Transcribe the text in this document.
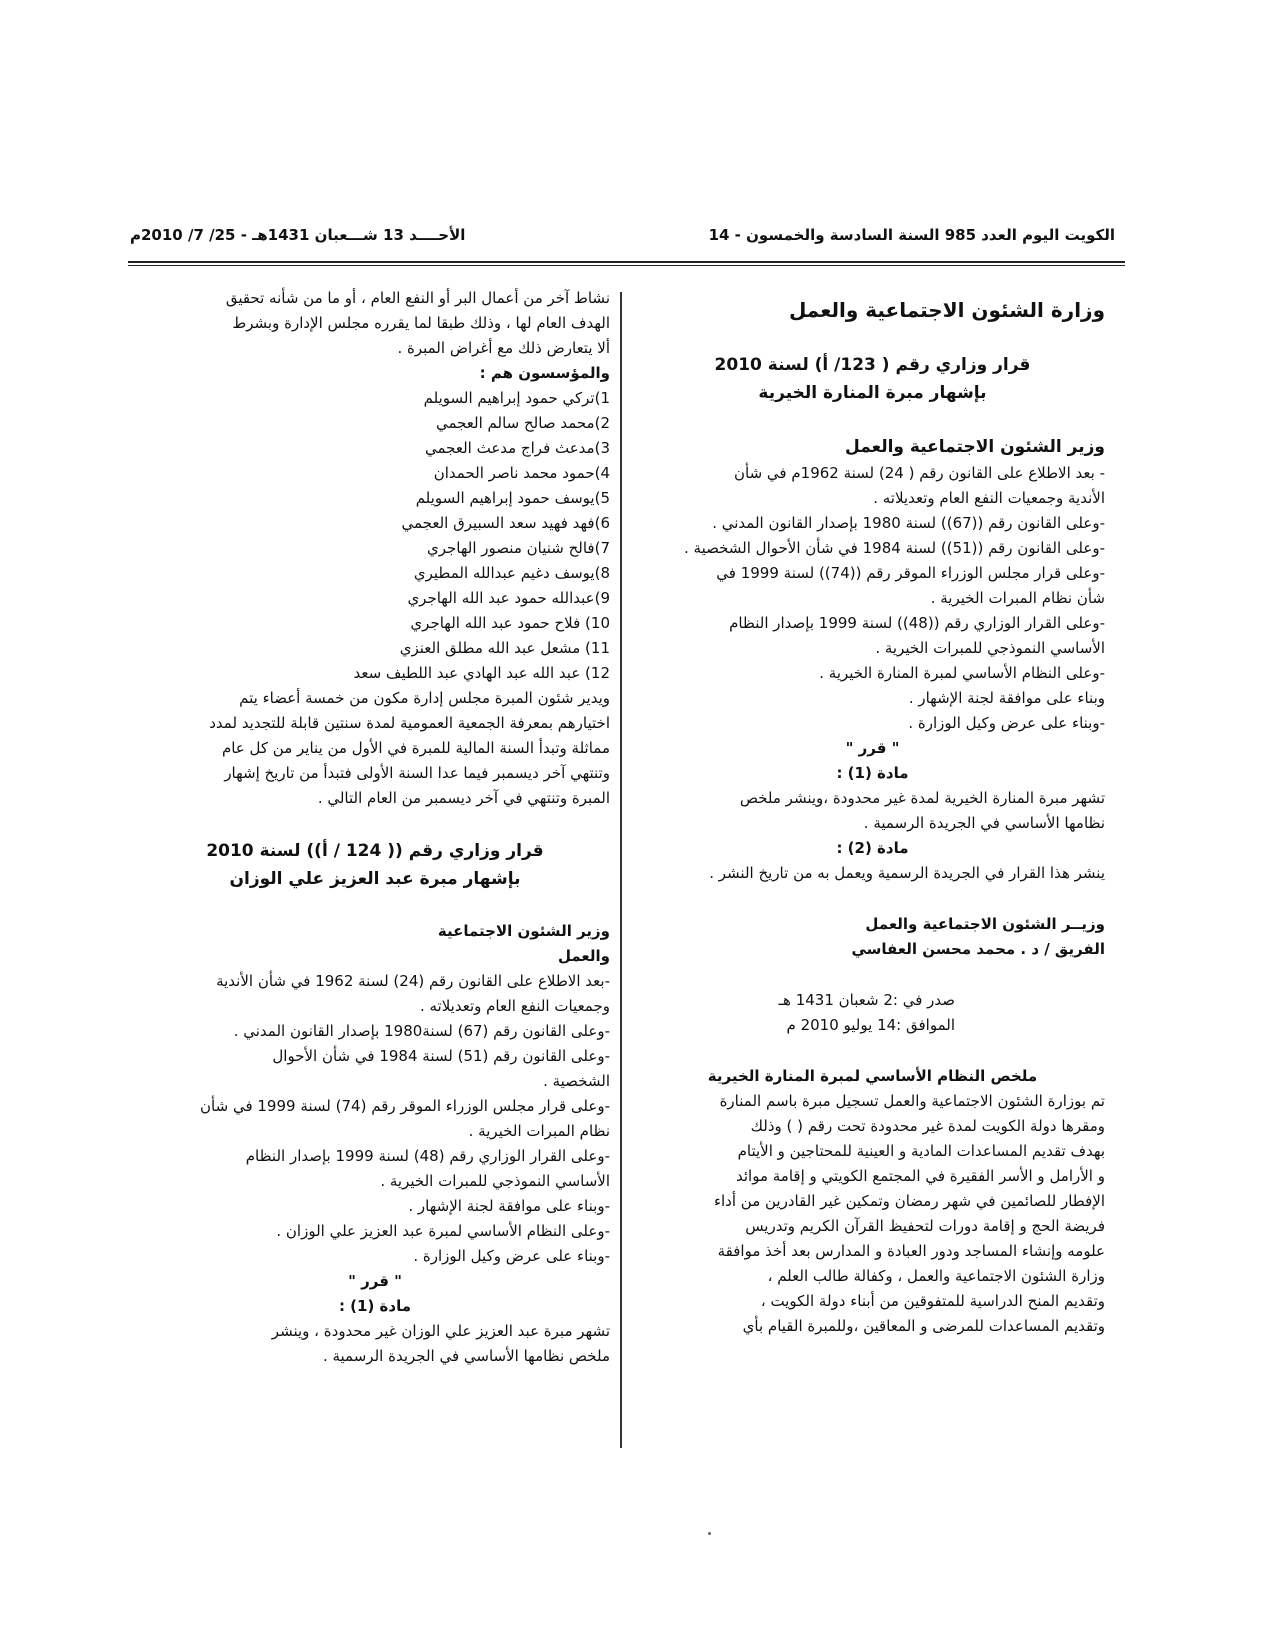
الكويت اليوم العدد 985 السنة السادسة والخمسون - 14
الأحــــد 13 شـــعبان 1431هـ - 25/ 7/ 2010م
وزارة الشئون الاجتماعية والعمل
قرار وزاري رقم ( 123/ أ) لسنة 2010
بإشهار مبرة المنارة الخيرية
وزير الشئون الاجتماعية والعمل
- بعد الاطلاع على القانون رقم ( 24) لسنة 1962م في شأن
الأندية وجمعيات النفع العام وتعديلاته .
-وعلى القانون رقم ((67)) لسنة 1980 بإصدار القانون المدني .
-وعلى القانون رقم ((51)) لسنة 1984 في شأن الأحوال الشخصية .
-وعلى قرار مجلس الوزراء الموقر رقم ((74)) لسنة 1999 في
شأن نظام المبرات الخيرية .
-وعلى القرار الوزاري رقم ((48)) لسنة 1999 بإصدار النظام
الأساسي النموذجي للمبرات الخيرية .
-وعلى النظام الأساسي لمبرة المنارة الخيرية .
وبناء على موافقة لجنة الإشهار .
-وبناء على عرض وكيل الوزارة .
" قرر "
مادة (1) :
تشهر مبرة المنارة الخيرية لمدة غير محدودة ،وينشر ملخص
نظامها الأساسي في الجريدة الرسمية .
مادة (2) :
ينشر هذا القرار في الجريدة الرسمية ويعمل به من تاريخ النشر .
وزيــر الشئون الاجتماعية والعمل
الفريق / د . محمد محسن العفاسي
صدر في :2 شعبان 1431 هـ
الموافق :14 يوليو 2010 م
ملخص النظام الأساسي لمبرة المنارة الخيرية
تم بوزارة الشئون الاجتماعية والعمل تسجيل مبرة باسم المنارة
ومقرها دولة الكويت لمدة غير محدودة تحت رقم ( ) وذلك
بهدف تقديم المساعدات المادية و العينية للمحتاجين و الأيتام
و الأرامل و الأسر الفقيرة في المجتمع الكويتي و إقامة موائد
الإفطار للصائمين في شهر رمضان وتمكين غير القادرين من أداء
فريضة الحج و إقامة دورات لتحفيظ القرآن الكريم وتدريس
علومه وإنشاء المساجد ودور العبادة و المدارس بعد أخذ موافقة
وزارة الشئون الاجتماعية والعمل ، وكفالة طالب العلم ،
وتقديم المنح الدراسية للمتفوقين من أبناء دولة الكويت ،
وتقديم المساعدات للمرضى و المعاقين ،وللمبرة القيام بأي
نشاط آخر من أعمال البر أو النفع العام ، أو ما من شأنه تحقيق
الهدف العام لها ، وذلك طبقا لما يقرره مجلس الإدارة وبشرط
ألا يتعارض ذلك مع أغراض المبرة .
والمؤسسون هم :
1)تركي حمود إبراهيم السويلم
2)محمد صالح سالم العجمي
3)مدعث فراج مدعث العجمي
4)حمود محمد ناصر الحمدان
5)يوسف حمود إبراهيم السويلم
6)فهد فهيد سعد السبيرق العجمي
7)فالح شنيان منصور الهاجري
8)يوسف دغيم عبدالله المطيري
9)عبدالله حمود عبد الله الهاجري
10) فلاح حمود عبد الله الهاجري
11) مشعل عبد الله مطلق العنزي
12) عبد الله عبد الهادي عبد اللطيف سعد
ويدير شئون المبرة مجلس إدارة مكون من خمسة أعضاء يتم
اختيارهم بمعرفة الجمعية العمومية لمدة سنتين قابلة للتجديد لمدد
مماثلة وتبدأ السنة المالية للمبرة في الأول من يناير من كل عام
وتنتهي آخر ديسمبر فيما عدا السنة الأولى فتبدأ من تاريخ إشهار
المبرة وتنتهي في آخر ديسمبر من العام التالي .
قرار وزاري رقم (( 124 / أ)) لسنة 2010
بإشهار مبرة عبد العزيز علي الوزان
وزير الشئون الاجتماعية
والعمل
-بعد الاطلاع على القانون رقم (24) لسنة 1962 في شأن الأندية
وجمعيات النفع العام وتعديلاته .
-وعلى القانون رقم (67) لسنة1980 بإصدار القانون المدني .
-وعلى القانون رقم (51) لسنة 1984 في شأن الأحوال
الشخصية .
-وعلى قرار مجلس الوزراء الموقر رقم (74) لسنة 1999 في شأن
نظام المبرات الخيرية .
-وعلى القرار الوزاري رقم (48) لسنة 1999 بإصدار النظام
الأساسي النموذجي للمبرات الخيرية .
-وبناء على موافقة لجنة الإشهار .
-وعلى النظام الأساسي لمبرة عبد العزيز علي الوزان .
-وبناء على عرض وكيل الوزارة .
" قرر "
مادة (1) :
تشهر مبرة عبد العزيز علي الوزان غير محدودة ، وينشر
ملخص نظامها الأساسي في الجريدة الرسمية .
